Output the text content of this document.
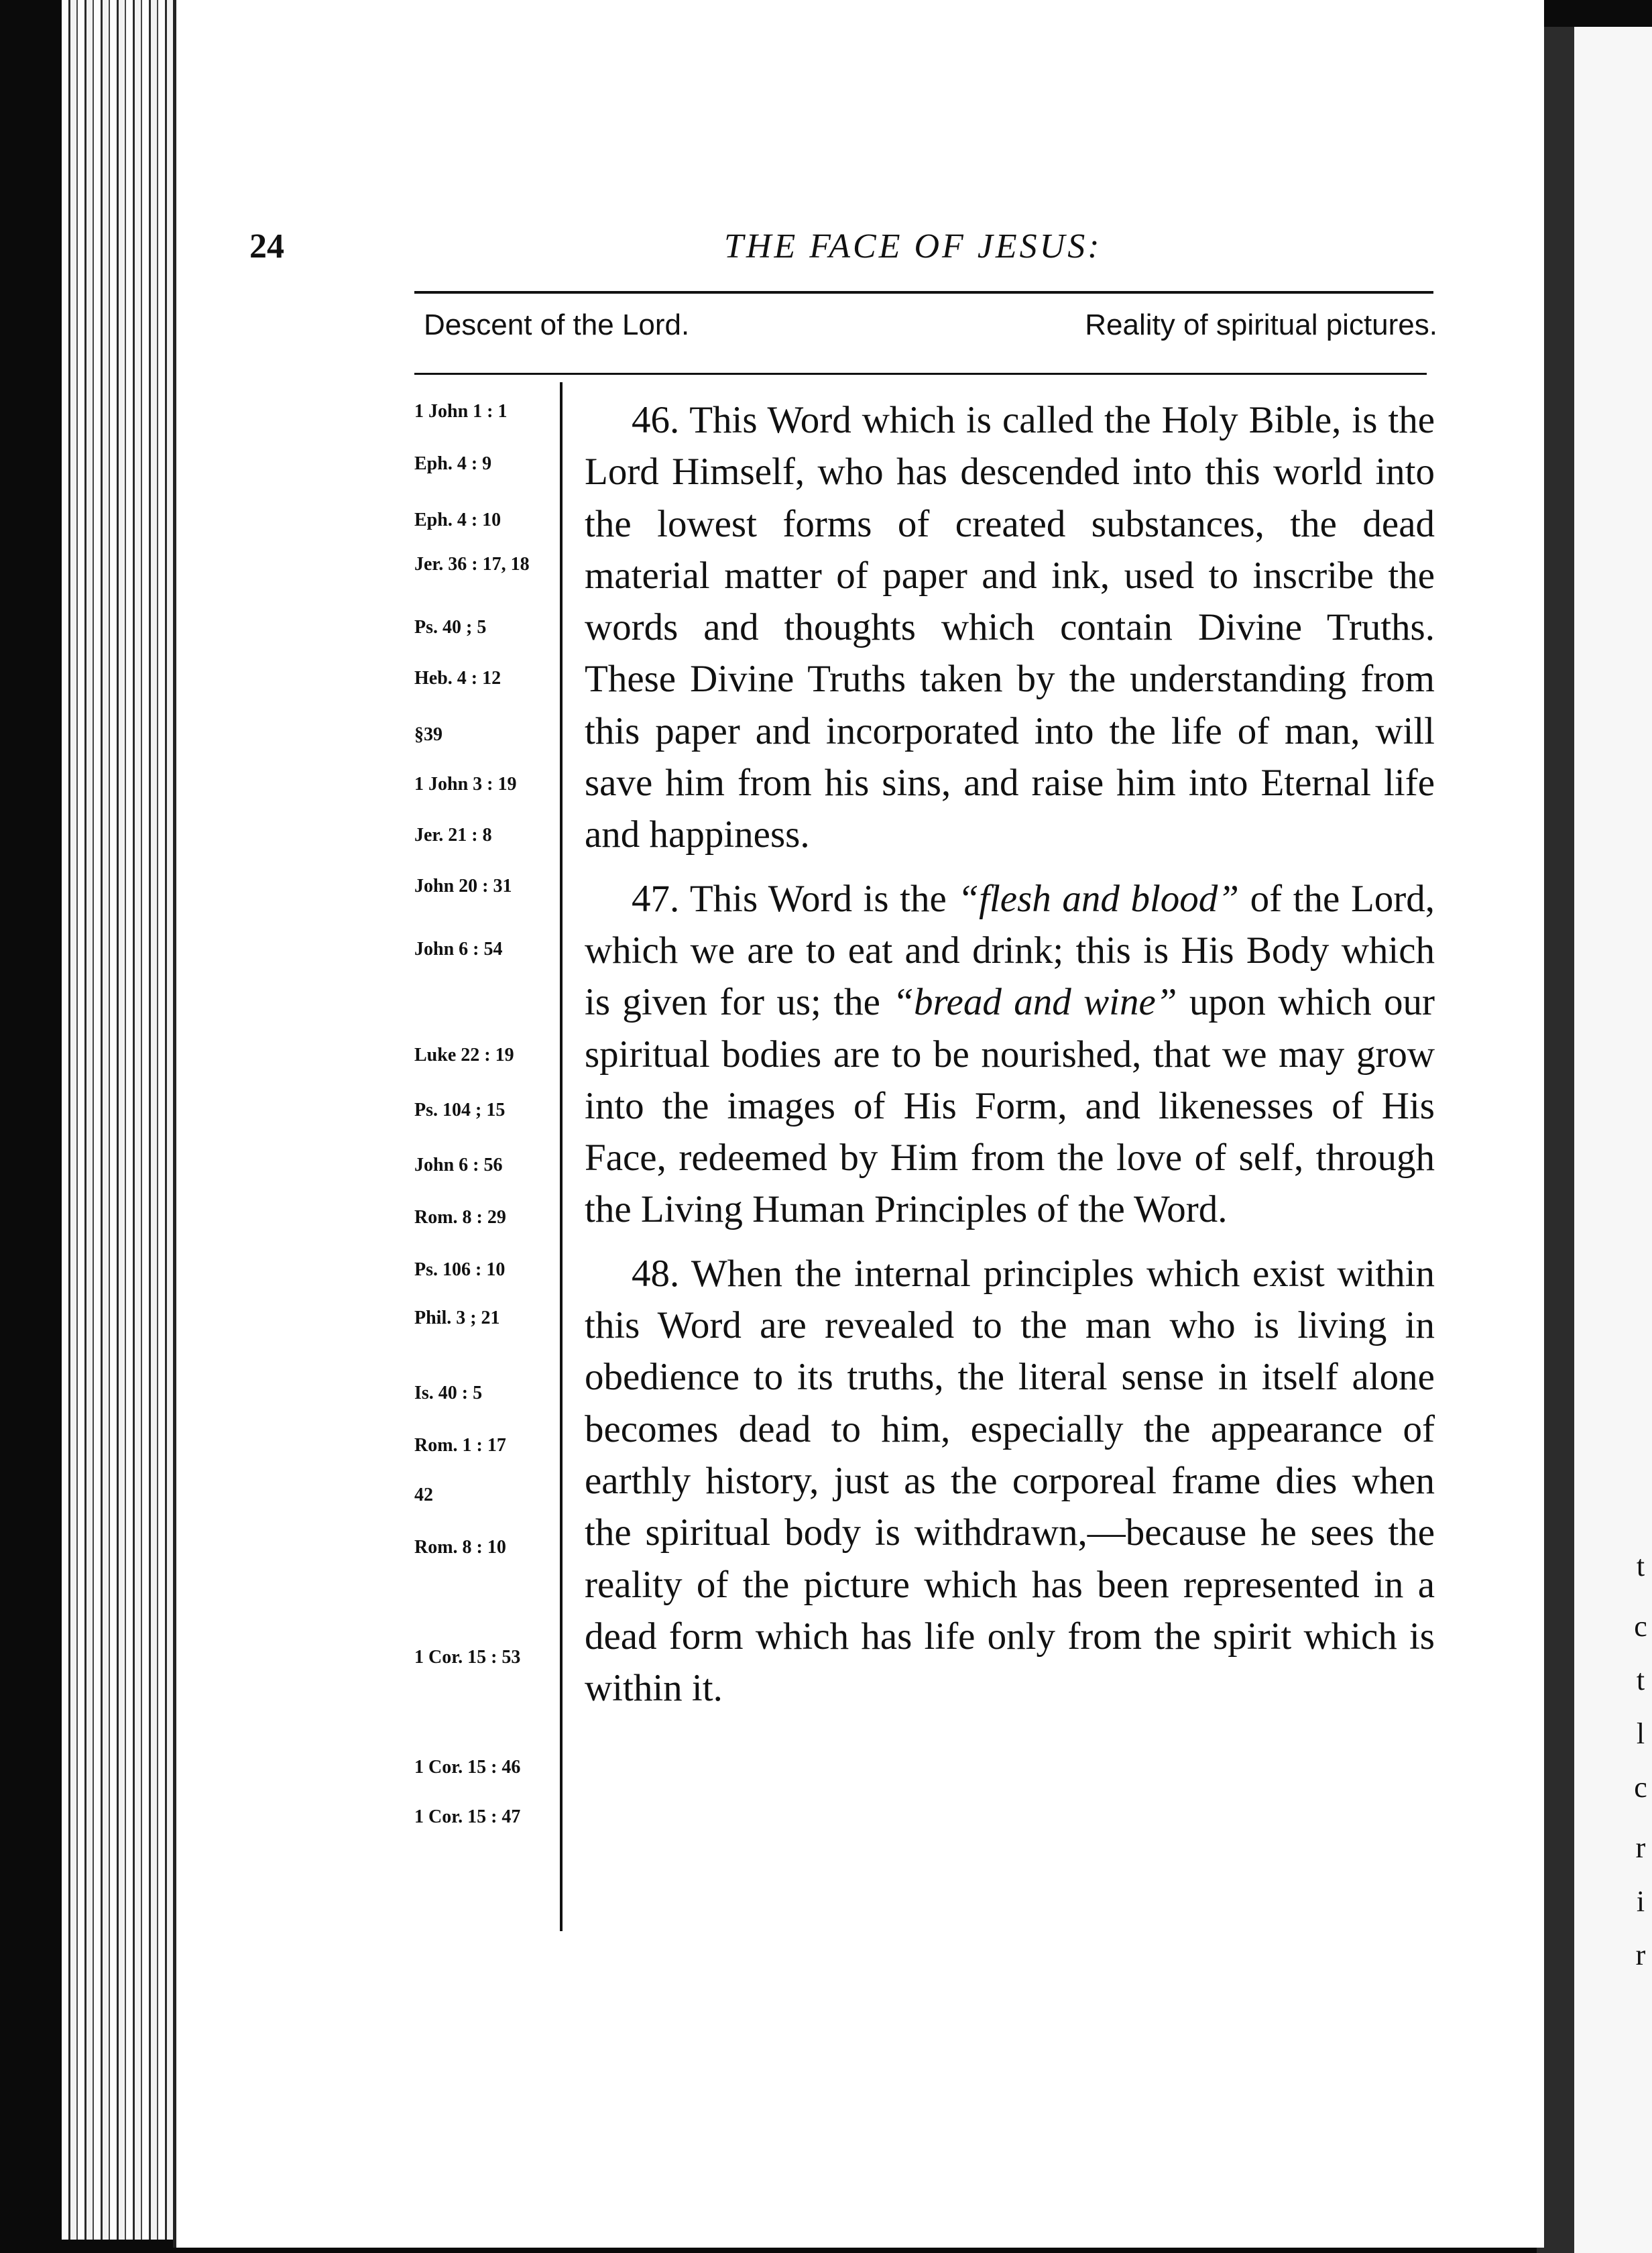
t
c
t
l
c
r
i
r
24	THE FACE OF JESUS:
Descent of the Lord.	Reality of spiritual pictures.
1 John 1 : 1
Eph. 4 : 9
Eph. 4 : 10
Jer. 36 : 17, 18
Ps. 40 ; 5
Heb. 4 : 12
§39
1 John 3 : 19
Jer. 21 : 8
John 20 : 31
John 6 : 54
Luke 22 : 19
Ps. 104 ; 15
John 6 : 56
Rom. 8 : 29
Ps. 106 : 10
Phil. 3 ; 21
Is. 40 : 5
Rom. 1 : 17
42
Rom. 8 : 10
1 Cor. 15 : 53
1 Cor. 15 : 46
1 Cor. 15 : 47

46. This Word which is called the Holy Bible, is the Lord Himself, who has descended into this world into the lowest forms of created substances, the dead material matter of paper and ink, used to inscribe the words and thoughts which contain Divine Truths. These Divine Truths taken by the understanding from this paper and incorporated into the life of man, will save him from his sins, and raise him into Eternal life and happiness.

47. This Word is the “flesh and blood” of the Lord, which we are to eat and drink; this is His Body which is given for us; the “bread and wine” upon which our spiritual bodies are to be nourished, that we may grow into the images of His Form, and likenesses of His Face, redeemed by Him from the love of self, through the Living Human Principles of the Word.

48. When the internal principles which exist within this Word are revealed to the man who is living in obedience to its truths, the literal sense in itself alone becomes dead to him, especially the appearance of earthly history, just as the corporeal frame dies when the spiritual body is withdrawn,—because he sees the reality of the picture which has been represented in a dead form which has life only from the spirit which is within it.
